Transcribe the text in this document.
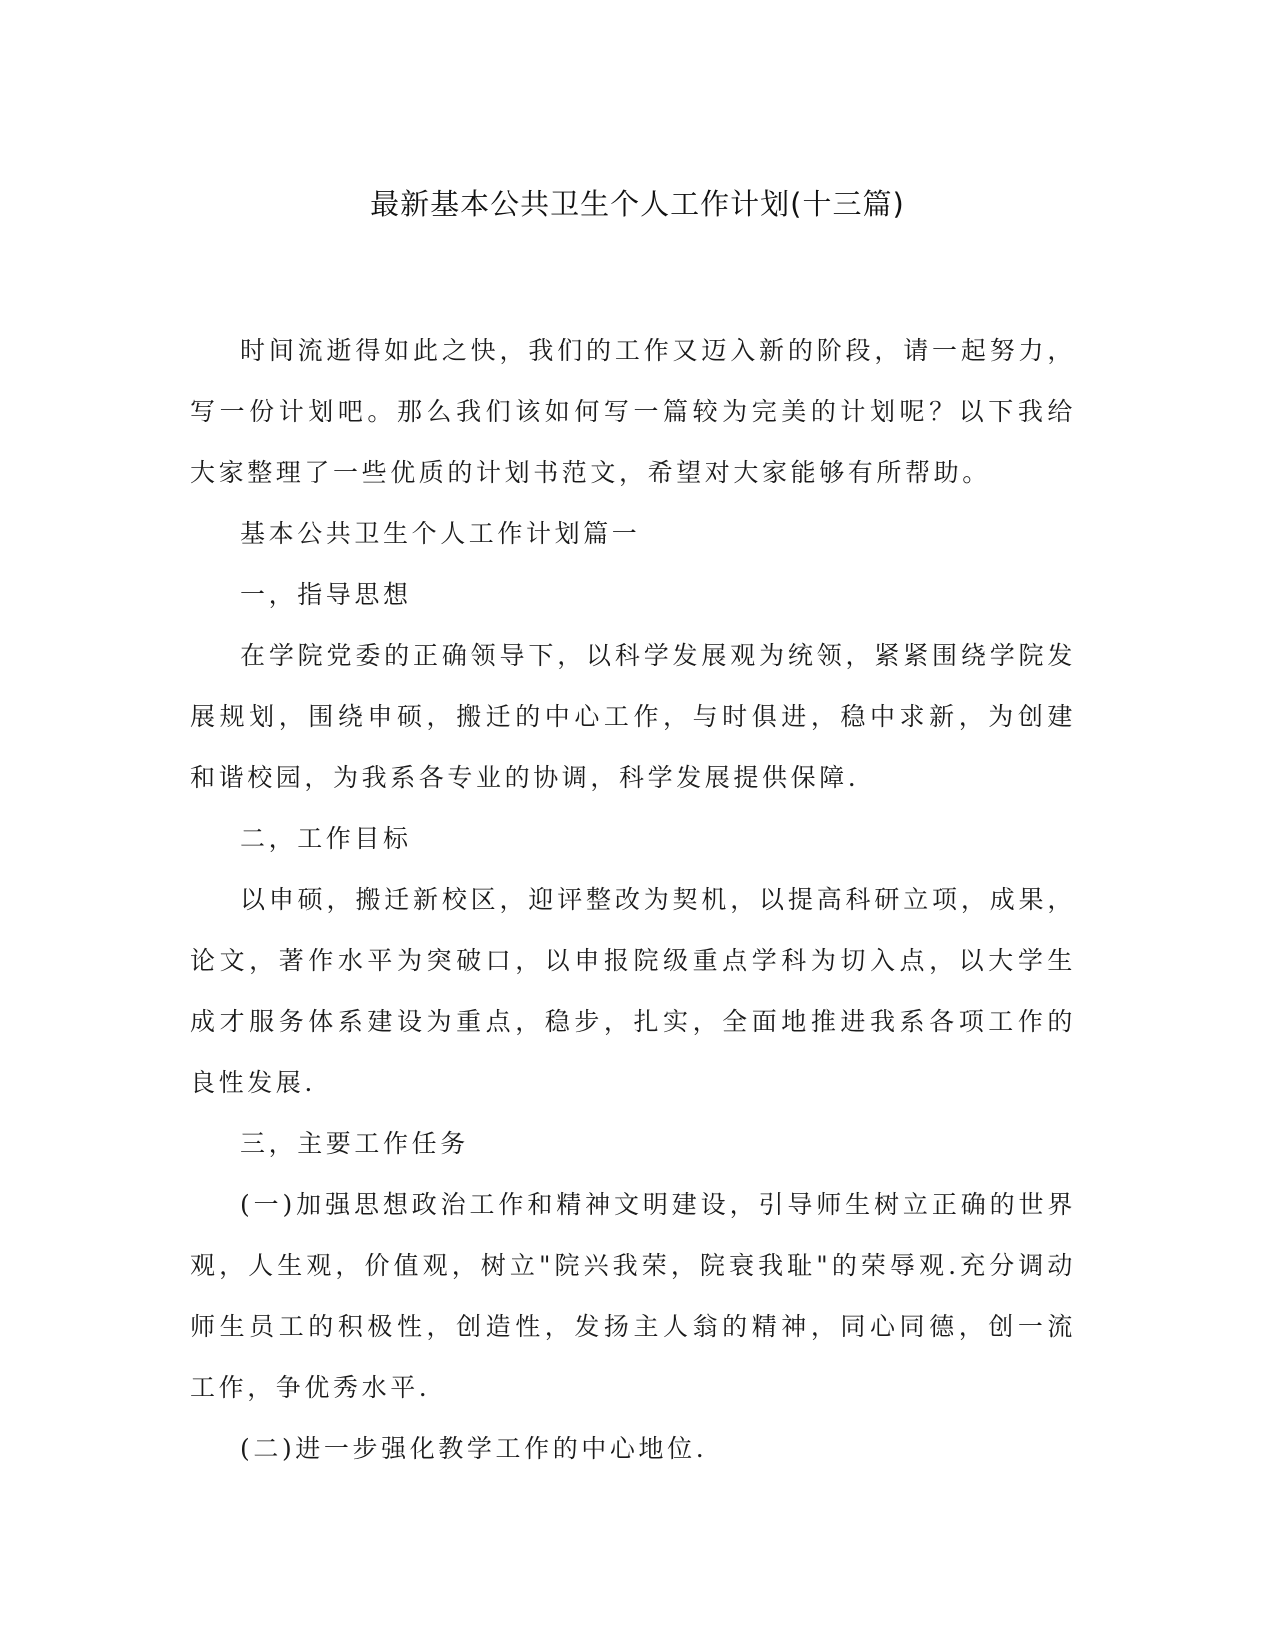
最新基本公共卫生个人工作计划(十三篇)

时间流逝得如此之快，我们的工作又迈入新的阶段，请一起努力，写一份计划吧。那么我们该如何写一篇较为完美的计划呢？以下我给大家整理了一些优质的计划书范文，希望对大家能够有所帮助。

基本公共卫生个人工作计划篇一

一，指导思想

在学院党委的正确领导下，以科学发展观为统领，紧紧围绕学院发展规划，围绕申硕，搬迁的中心工作，与时俱进，稳中求新，为创建和谐校园，为我系各专业的协调，科学发展提供保障.

二，工作目标

以申硕，搬迁新校区，迎评整改为契机，以提高科研立项，成果，论文，著作水平为突破口，以申报院级重点学科为切入点，以大学生成才服务体系建设为重点，稳步，扎实，全面地推进我系各项工作的良性发展.

三，主要工作任务

(一)加强思想政治工作和精神文明建设，引导师生树立正确的世界观，人生观，价值观，树立"院兴我荣，院衰我耻"的荣辱观.充分调动师生员工的积极性，创造性，发扬主人翁的精神，同心同德，创一流工作，争优秀水平.

(二)进一步强化教学工作的中心地位.
